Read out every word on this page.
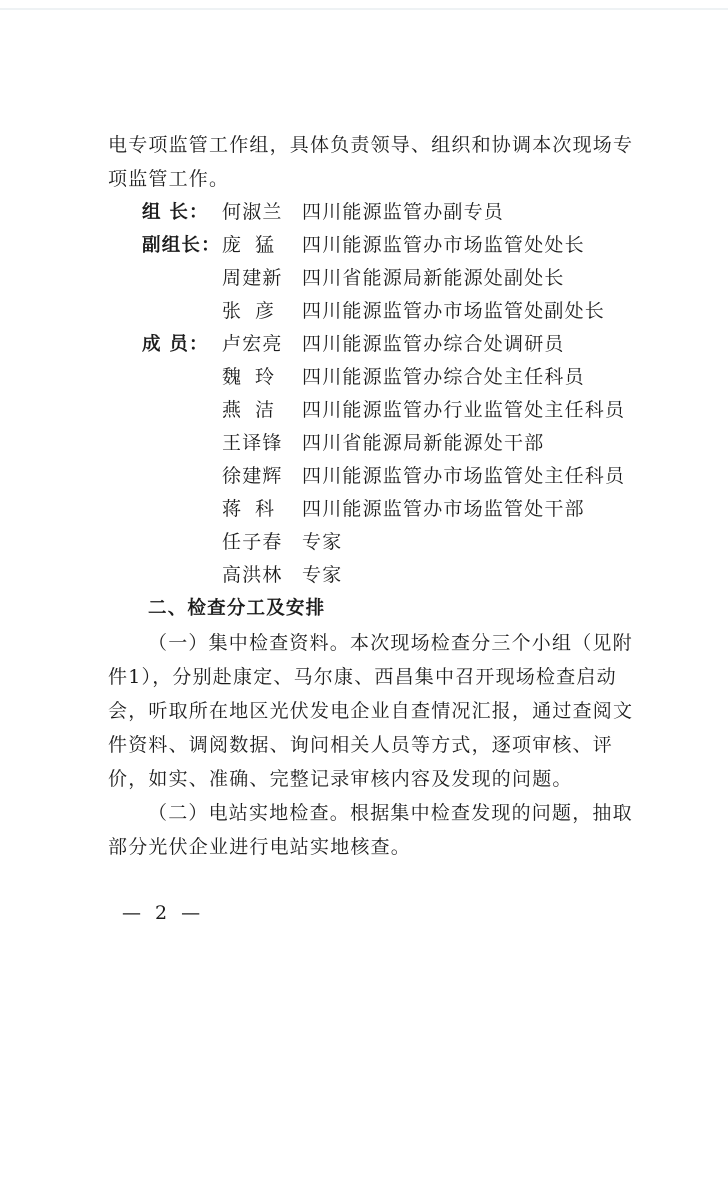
电专项监管工作组，具体负责领导、组织和协调本次现场专项监管工作。

组 长： 何淑兰	四川能源监管办副专员
副组长： 庞猛 四川能源监管办市场监管处处长
周建新	四川省能源局新能源处副处长
张彦 四川能源监管办市场监管处副处长
成 员： 卢宏亮	四川能源监管办综合处调研员
魏玲 四川能源监管办综合处主任科员
燕洁 四川能源监管办行业监管处主任科员
王译锋	四川省能源局新能源处干部
徐建辉	四川能源监管办市场监管处主任科员
蒋科 四川能源监管办市场监管处干部
任子春	专家
高洪林	专家

二、检查分工及安排

（一）集中检查资料。本次现场检查分三个小组（见附件1），分别赴康定、马尔康、西昌集中召开现场检查启动会，听取所在地区光伏发电企业自查情况汇报，通过查阅文件资料、调阅数据、询问相关人员等方式，逐项审核、评价，如实、准确、完整记录审核内容及发现的问题。

（二）电站实地检查。根据集中检查发现的问题，抽取部分光伏企业进行电站实地核查。

— 2 —
